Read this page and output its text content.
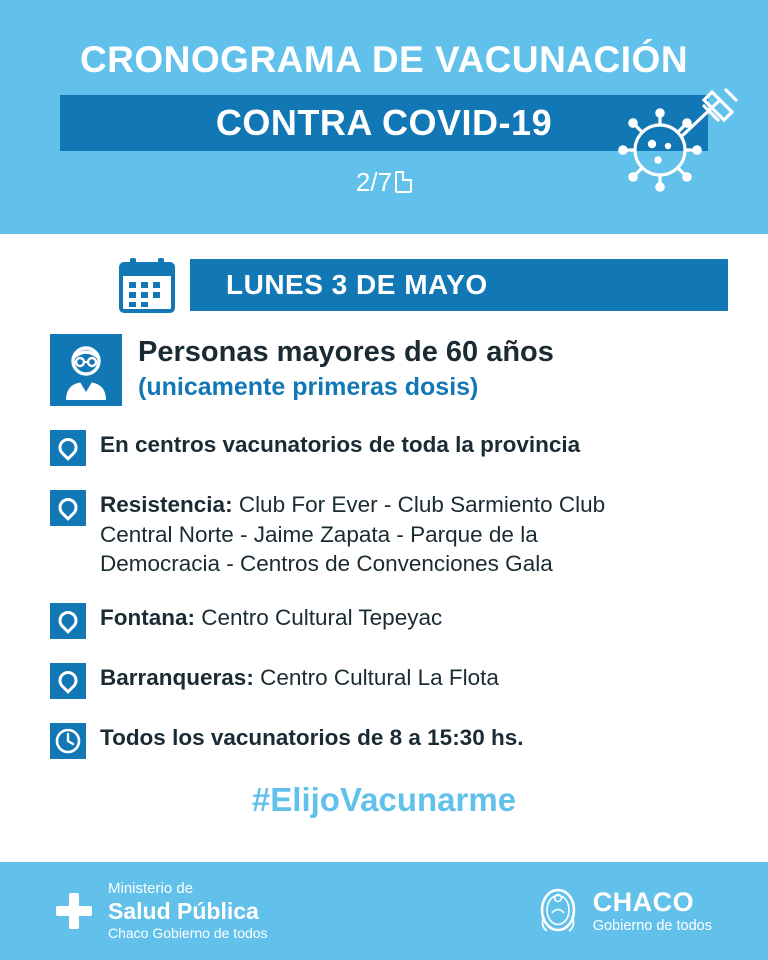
CRONOGRAMA DE VACUNACIÓN
CONTRA COVID-19
2/7
LUNES 3 DE MAYO
Personas mayores de 60 años
(unicamente primeras dosis)
En centros vacunatorios de toda la provincia
Resistencia: Club For Ever - Club Sarmiento Club Central Norte - Jaime Zapata - Parque de la Democracia - Centros de Convenciones Gala
Fontana: Centro Cultural Tepeyac
Barranqueras: Centro Cultural La Flota
Todos los vacunatorios de 8 a 15:30 hs.
#ElijoVacunarme
Ministerio de
Salud Pública
Chaco Gobierno de todos
CHACO
Gobierno de todos
